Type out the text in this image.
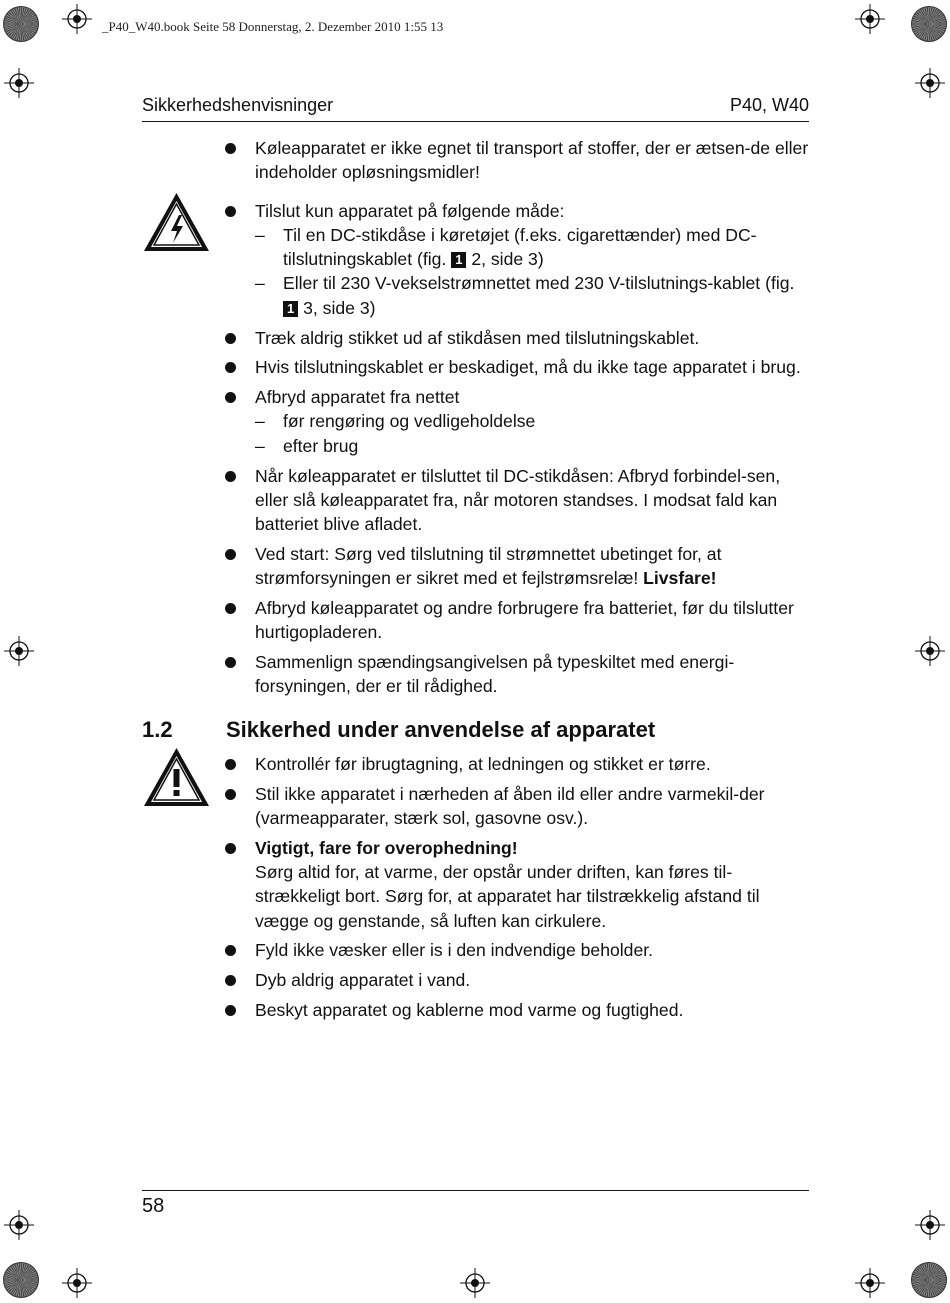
_P40_W40.book Seite 58 Donnerstag, 2. Dezember 2010 1:55 13
Sikkerhedshenvisninger	P40, W40
Køleapparatet er ikke egnet til transport af stoffer, der er ætsen-de eller indeholder opløsningsmidler!
Tilslut kun apparatet på følgende måde:
– Til en DC-stikdåse i køretøjet (f.eks. cigarettænder) med DC-tilslutningskablet (fig. 1 2, side 3)
– Eller til 230 V-vekselstrømnettet med 230 V-tilslutnings-kablet (fig. 1 3, side 3)
Træk aldrig stikket ud af stikdåsen med tilslutningskablet.
Hvis tilslutningskablet er beskadiget, må du ikke tage apparatet i brug.
Afbryd apparatet fra nettet
– før rengøring og vedligeholdelse
– efter brug
Når køleapparatet er tilsluttet til DC-stikdåsen: Afbryd forbindel-sen, eller slå køleapparatet fra, når motoren standses. I modsat fald kan batteriet blive afladet.
Ved start: Sørg ved tilslutning til strømnettet ubetinget for, at strømforsyningen er sikret med et fejlstrømsrelæ! Livsfare!
Afbryd køleapparatet og andre forbrugere fra batteriet, før du tilslutter hurtigopladeren.
Sammenlign spændingsangivelsen på typeskiltet med energi-forsyningen, der er til rådighed.
1.2 Sikkerhed under anvendelse af apparatet
Kontrollér før ibrugtagning, at ledningen og stikket er tørre.
Stil ikke apparatet i nærheden af åben ild eller andre varmekil-der (varmeapparater, stærk sol, gasovne osv.).
Vigtigt, fare for overophedning!
Sørg altid for, at varme, der opstår under driften, kan føres til-strækkeligt bort. Sørg for, at apparatet har tilstrækkelig afstand til vægge og genstande, så luften kan cirkulere.
Fyld ikke væsker eller is i den indvendige beholder.
Dyb aldrig apparatet i vand.
Beskyt apparatet og kablerne mod varme og fugtighed.
58
